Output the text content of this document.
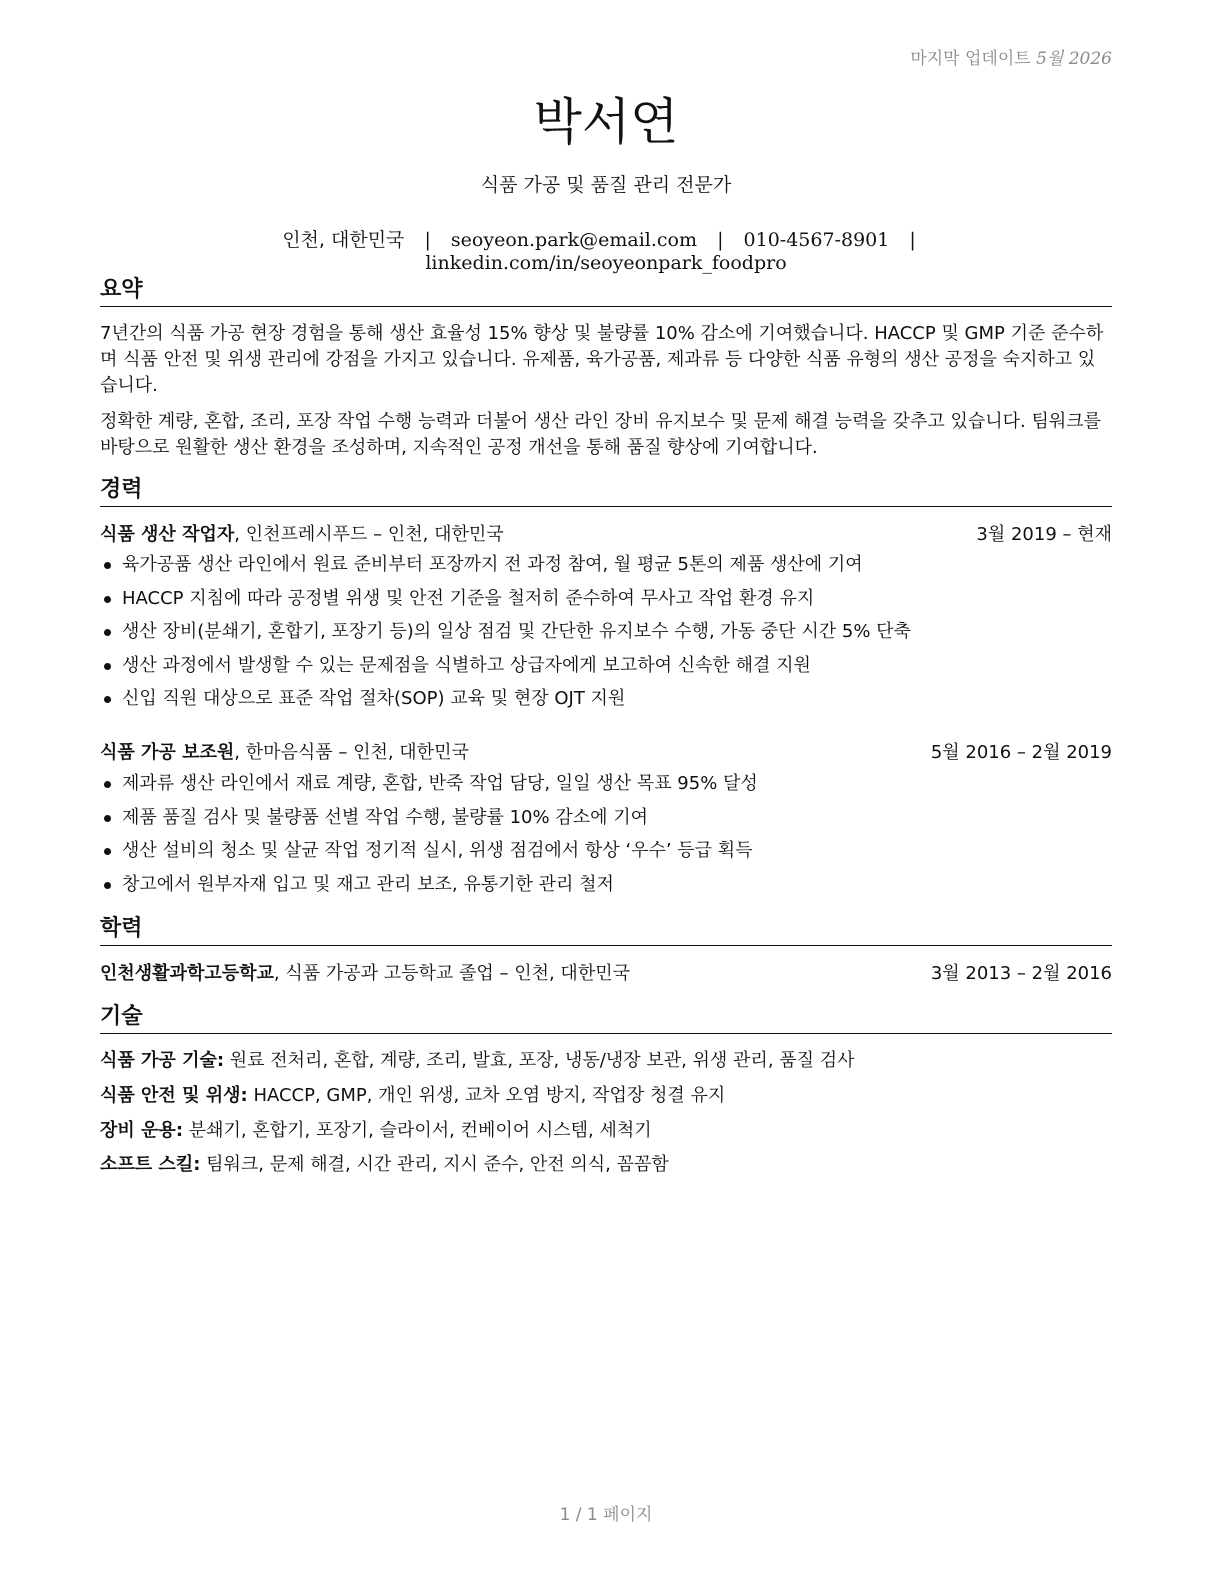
마지막 업데이트 5월 2026
박서연
식품 가공 및 품질 관리 전문가
인천, 대한민국 | seoyeon.park@email.com | 010-4567-8901 | linkedin.com/in/seoyeonpark_foodpro
요약
7년간의 식품 가공 현장 경험을 통해 생산 효율성 15% 향상 및 불량률 10% 감소에 기여했습니다. HACCP 및 GMP 기준 준수하며 식품 안전 및 위생 관리에 강점을 가지고 있습니다. 유제품, 육가공품, 제과류 등 다양한 식품 유형의 생산 공정을 숙지하고 있습니다.
정확한 계량, 혼합, 조리, 포장 작업 수행 능력과 더불어 생산 라인 장비 유지보수 및 문제 해결 능력을 갖추고 있습니다. 팀워크를 바탕으로 원활한 생산 환경을 조성하며, 지속적인 공정 개선을 통해 품질 향상에 기여합니다.
경력
식품 생산 작업자, 인천프레시푸드 – 인천, 대한민국	3월 2019 – 현재
육가공품 생산 라인에서 원료 준비부터 포장까지 전 과정 참여, 월 평균 5톤의 제품 생산에 기여
HACCP 지침에 따라 공정별 위생 및 안전 기준을 철저히 준수하여 무사고 작업 환경 유지
생산 장비(분쇄기, 혼합기, 포장기 등)의 일상 점검 및 간단한 유지보수 수행, 가동 중단 시간 5% 단축
생산 과정에서 발생할 수 있는 문제점을 식별하고 상급자에게 보고하여 신속한 해결 지원
신입 직원 대상으로 표준 작업 절차(SOP) 교육 및 현장 OJT 지원
식품 가공 보조원, 한마음식품 – 인천, 대한민국	5월 2016 – 2월 2019
제과류 생산 라인에서 재료 계량, 혼합, 반죽 작업 담당, 일일 생산 목표 95% 달성
제품 품질 검사 및 불량품 선별 작업 수행, 불량률 10% 감소에 기여
생산 설비의 청소 및 살균 작업 정기적 실시, 위생 점검에서 항상 ‘우수’ 등급 획득
창고에서 원부자재 입고 및 재고 관리 보조, 유통기한 관리 철저
학력
인천생활과학고등학교, 식품 가공과 고등학교 졸업 – 인천, 대한민국	3월 2013 – 2월 2016
기술
식품 가공 기술: 원료 전처리, 혼합, 계량, 조리, 발효, 포장, 냉동/냉장 보관, 위생 관리, 품질 검사
식품 안전 및 위생: HACCP, GMP, 개인 위생, 교차 오염 방지, 작업장 청결 유지
장비 운용: 분쇄기, 혼합기, 포장기, 슬라이서, 컨베이어 시스템, 세척기
소프트 스킬: 팀워크, 문제 해결, 시간 관리, 지시 준수, 안전 의식, 꼼꼼함
1 / 1 페이지
